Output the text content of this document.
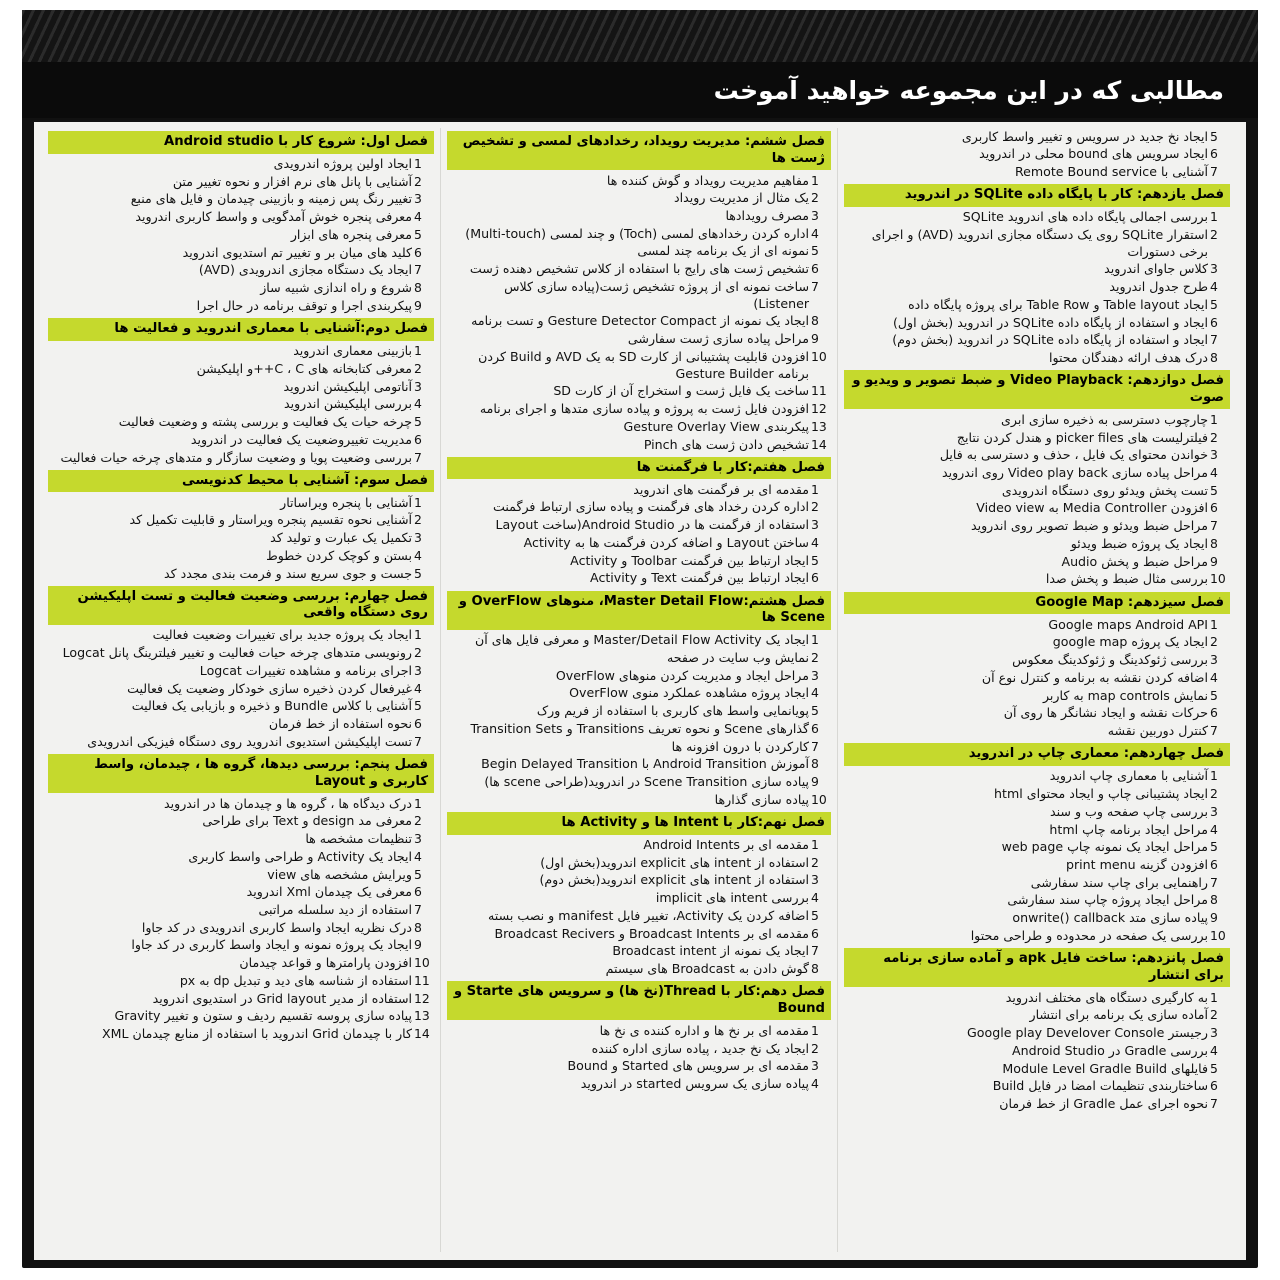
مطالبی که در این مجموعه خواهید آموخت
فصل اول: شروع کار با Android studio
1
ایجاد اولین پروژه اندرویدی
2
آشنایی با پانل های نرم افزار و نحوه تغییر متن
3
تغییر رنگ پس زمینه و بازبینی چیدمان و فایل های منبع
4
معرفی پنجره خوش آمدگویی و واسط کاربری اندروید
5
معرفی پنجره های ابزار
6
کلید های میان بر و تغییر تم استدیوی اندروید
7
ایجاد یک دستگاه مجازی اندرویدی (AVD)
8
شروع و راه اندازی شبیه ساز
9
پیکربندی اجرا و توقف برنامه در حال اجرا
فصل دوم:آشنایی با معماری اندروید و فعالیت ها
1
بازبینی معماری اندروید
2
معرفی کتابخانه های C ، C++و اپلیکیشن
3
آناتومی اپلیکیشن اندروید
4
بررسی اپلیکیشن اندروید
5
چرخه حیات یک فعالیت و بررسی پشته و وضعیت فعالیت
6
مدیریت تغییروضعیت یک فعالیت در اندروید
7
بررسی وضعیت پویا و وضعیت سازگار و متدهای چرخه حیات فعالیت
فصل سوم: آشنایی با محیط کدنویسی
1
آشنایی با پنجره ویراساتار
2
آشنایی نحوه تقسیم پنجره ویراستار و قابلیت تکمیل کد
3
تکمیل یک عبارت و تولید کد
4
بستن و کوچک کردن خطوط
5
جست و جوی سریع سند و فرمت بندی مجدد کد
فصل چهارم: بررسی وضعیت فعالیت و تست اپلیکیشن روی دستگاه واقعی
1
ایجاد یک پروژه جدید برای تغییرات وضعیت فعالیت
2
رونویسی متدهای چرخه حیات فعالیت و تغییر فیلترینگ پانل Logcat
3
اجرای برنامه و مشاهده تغییرات Logcat
4
غیرفعال کردن ذخیره سازی خودکار وضعیت یک فعالیت
5
آشنایی با کلاس Bundle و ذخیره و بازیابی یک فعالیت
6
نحوه استفاده از خط فرمان
7
تست اپلیکیشن استدیوی اندروید روی دستگاه فیزیکی اندرویدی
فصل پنجم: بررسی دیدها، گروه ها ، چیدمان، واسط کاربری و Layout
1
درک دیدگاه ها ، گروه ها و چیدمان ها در اندروید
2
معرفی مد design و Text برای طراحی
3
تنظیمات مشخصه ها
4
ایجاد یک Activity و طراحی واسط کاربری
5
ویرایش مشخصه های view
6
معرفی یک چیدمان Xml اندروید
7
استفاده از دید سلسله مراتبی
8
درک نظریه ایجاد واسط کاربری اندرویدی در کد جاوا
9
ایجاد یک پروژه نمونه و ایجاد واسط کاربری در کد جاوا
10
افزودن پارامترها و قواعد چیدمان
11
استفاده از شناسه های دید و تبدیل dp به px
12
استفاده از مدیر Grid layout در استدیوی اندروید
13
پیاده سازی پروسه تقسیم ردیف و ستون و تغییر Gravity
14
کار با چیدمان Grid اندروید با استفاده از منابع چیدمان XML
فصل ششم: مدیریت رویداد، رخدادهای لمسی و تشخیص ژست ها
1
مفاهیم مدیریت رویداد و گوش کننده ها
2
یک مثال از مدیریت رویداد
3
مصرف رویدادها
4
اداره کردن رخدادهای لمسی (Toch) و چند لمسی (Multi-touch)
5
نمونه ای از یک برنامه چند لمسی
6
تشخیص ژست های رایج با استفاده از کلاس تشخیص دهنده ژست
7
ساخت نمونه ای از پروژه تشخیص ژست(پیاده سازی کلاس Listener)
8
ایجاد یک نمونه از Gesture Detector Compact و تست برنامه
9
مراحل پیاده سازی ژست سفارشی
10
افزودن قابلیت پشتیبانی از کارت SD به یک AVD و Build کردن برنامه Gesture Builder
11
ساخت یک فایل ژست و استخراج آن از کارت SD
12
افزودن فایل ژست به پروژه و پیاده سازی متدها و اجرای برنامه
13
پیکربندی Gesture Overlay View
14
تشخیص دادن ژست های Pinch
فصل هفتم:کار با فرگمنت ها
1
مقدمه ای بر فرگمنت های اندروید
2
اداره کردن رخداد های فرگمنت و پیاده سازی ارتباط فرگمنت
3
استفاده از فرگمنت ها در Android Studio(ساخت Layout
4
ساختن Layout و اضافه کردن فرگمنت ها به Activity
5
ایجاد ارتباط بین فرگمنت Toolbar و Activity
6
ایجاد ارتباط بین فرگمنت Text و Activity
فصل هشتم:Master Detail Flow، منوهای OverFlow و Scene ها
1
ایجاد یک Master/Detail Flow Activity و معرفی فایل های آن
2
نمایش وب سایت در صفحه
3
مراحل ایجاد و مدیریت کردن منوهای OverFlow
4
ایجاد پروژه مشاهده عملکرد منوی OverFlow
5
پویانمایی واسط های کاربری با استفاده از فریم ورک
6
گذارهای Scene و نحوه تعریف Transitions و Transition Sets
7
کارکردن با درون افزونه ها
8
آموزش Android Transition با Begin Delayed Transition
9
پیاده سازی Scene Transition در اندروید(طراحی scene ها)
10
پیاده سازی گذارها
فصل نهم:کار با Intent ها و Activity ها
1
مقدمه ای بر Android Intents
2
استفاده از intent های explicit اندروید(بخش اول)
3
استفاده از intent های explicit اندروید(بخش دوم)
4
بررسی intent های implicit
5
اضافه کردن یک Activity، تغییر فایل manifest و نصب بسته
6
مقدمه ای بر Broadcast Intents و Broadcast Recivers
7
ایجاد یک نمونه از Broadcast intent
8
گوش دادن به Broadcast های سیستم
فصل دهم:کار با Thread(نخ ها) و سرویس های Starte و Bound
1
مقدمه ای بر نخ ها و اداره کننده ی نخ ها
2
ایجاد یک نخ جدید ، پیاده سازی اداره کننده
3
مقدمه ای بر سرویس های Started و Bound
4
پیاده سازی یک سرویس started در اندروید
5
ایجاد نخ جدید در سرویس و تغییر واسط کاربری
6
ایجاد سرویس های bound محلی در اندروید
7
آشنایی با Remote Bound service
فصل یازدهم: کار با پایگاه داده SQLite در اندروید
1
بررسی اجمالی پایگاه داده های اندروید SQLite
2
استقرار SQLite روی یک دستگاه مجازی اندروید (AVD) و اجرای برخی دستورات
3
کلاس جاوای اندروید
4
طرح جدول اندروید
5
ایجاد Table layout و Table Row برای پروژه پایگاه داده
6
ایجاد و استفاده از پایگاه داده SQLite در اندروید (بخش اول)
7
ایجاد و استفاده از پایگاه داده SQLite در اندروید (بخش دوم)
8
درک هدف ارائه دهندگان محتوا
فصل دوازدهم: Video Playback و ضبط تصویر و ویدیو و صوت
1
چارچوب دسترسی به ذخیره سازی ابری
2
فیلترلیست های picker files و هندل کردن نتایج
3
خواندن محتوای یک فایل ، حذف و دسترسی به فایل
4
مراحل پیاده سازی Video play back روی اندروید
5
تست پخش ویدئو روی دستگاه اندرویدی
6
افزودن Media Controller به Video view
7
مراحل ضبط ویدئو و ضبط تصویر روی اندروید
8
ایجاد یک پروژه ضبط ویدئو
9
مراحل ضبط و پخش Audio
10
بررسی مثال ضبط و پخش صدا
فصل سیزدهم: Google Map
1
Google maps Android API
2
ایجاد یک پروژه google map
3
بررسی ژئوکدینگ و ژئوکدینگ معکوس
4
اضافه کردن نقشه به برنامه و کنترل نوع آن
5
نمایش map controls به کاربر
6
حرکات نقشه و ایجاد نشانگر ها روی آن
7
کنترل دوربین نقشه
فصل چهاردهم: معماری چاپ در اندروید
1
آشنایی با معماری چاپ اندروید
2
ایجاد پشتیبانی چاپ و ایجاد محتوای html
3
بررسی چاپ صفحه وب و سند
4
مراحل ایجاد برنامه چاپ html
5
مراحل ایجاد یک نمونه چاپ web page
6
افزودن گزینه print menu
7
راهنمایی برای چاپ سند سفارشی
8
مراحل ایجاد پروژه چاپ سند سفارشی
9
پیاده سازی متد onwrite() callback
10
بررسی یک صفحه در محدوده و طراحی محتوا
فصل پانزدهم: ساخت فایل apk و آماده سازی برنامه برای انتشار
1
به کارگیری دستگاه های مختلف اندروید
2
آماده سازی یک برنامه برای انتشار
3
رجیستر Google play Develover Console
4
بررسی Gradle در Android Studio
5
فایلهای Module Level Gradle Build
6
ساختاربندی تنظیمات امضا در فایل Build
7
نحوه اجرای عمل Gradle از خط فرمان
